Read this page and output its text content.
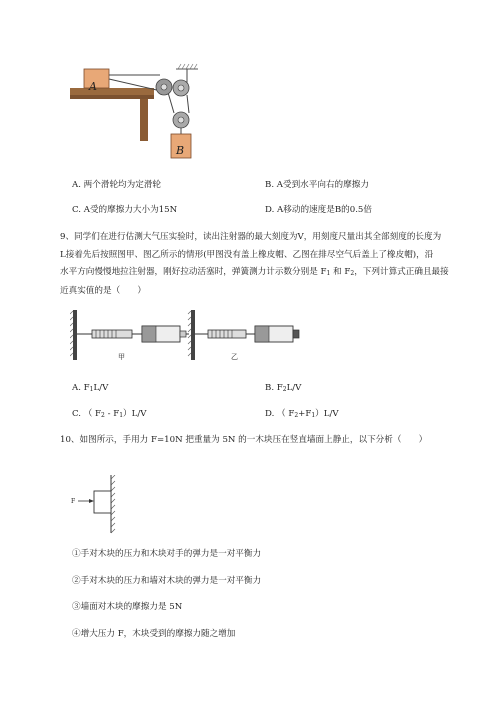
A
B
A. 两个滑轮均为定滑轮	B. A受到水平向右的摩擦力
C. A受的摩擦力大小为15N	D. A移动的速度是B的0.5倍
9、同学们在进行估测大气压实验时，读出注射器的最大刻度为V，用刻度尺量出其全部刻度的长度为
L接着先后按照图甲、图乙所示的情形(甲图没有盖上橡皮帽、乙图在排尽空气后盖上了橡皮帽)，沿
水平方向慢慢地拉注射器，刚好拉动活塞时，弹簧测力计示数分别是 F1 和 F2，下列计算式正确且最接
近真实值的是（　　）
甲	乙
A. F1L/V	B. F2L/V
C. （ F2 - F1）L/V	D. （ F2+F1）L/V
10、如图所示，手用力 F=10N 把重量为 5N 的一木块压在竖直墙面上静止，以下分析（　　）
F
①手对木块的压力和木块对手的弹力是一对平衡力
②手对木块的压力和墙对木块的弹力是一对平衡力
③墙面对木块的摩擦力是 5N
④增大压力 F，木块受到的摩擦力随之增加
